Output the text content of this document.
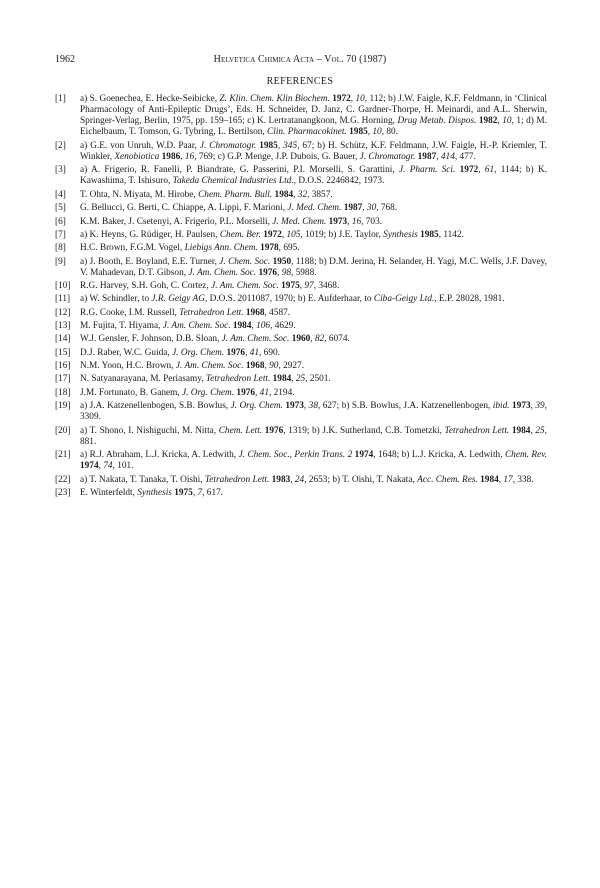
1962	Helvetica Chimica Acta – Vol. 70 (1987)
REFERENCES
[1] a) S. Goenechea, E. Hecke-Seibicke, Z. Klin. Chem. Klin Biochem. 1972, 10, 112; b) J.W. Faigle, K.F. Feldmann, in ‘Clinical Pharmacology of Anti-Epileptic Drugs’, Eds. H. Schneider, D. Janz, C. Gardner-Thorpe, H. Meinardi, and A.L. Sherwin, Springer-Verlag, Berlin, 1975, pp. 159–165; c) K. Lertratanangkoon, M.G. Horning, Drug Metab. Dispos. 1982, 10, 1; d) M. Eichelbaum, T. Tomson, G. Tybring, L. Bertilson, Clin. Pharmacokinet. 1985, 10, 80.
[2] a) G.E. von Unruh, W.D. Paar, J. Chromatogr. 1985, 345, 67; b) H. Schütz, K.F. Feldmann, J.W. Faigle, H.-P. Kriemler, T. Winkler, Xenobiotica 1986, 16, 769; c) G.P. Menge, J.P. Dubois, G. Bauer, J. Chromatogr. 1987, 414, 477.
[3] a) A. Frigerio, R. Fanelli, P. Biandrate, G. Passerini, P.I. Morselli, S. Garattini, J. Pharm. Sci. 1972, 61, 1144; b) K. Kawashima, T. Ishisuro, Takeda Chemical Industries Ltd., D.O.S. 2246842, 1973.
[4] T. Ohta, N. Miyata, M. Hirobe, Chem. Pharm. Bull. 1984, 32, 3857.
[5] G. Bellucci, G. Berti, C. Chiappe, A. Lippi, F. Marioni, J. Med. Chem. 1987, 30, 768.
[6] K.M. Baker, J. Csetenyi, A. Frigerio, P.L. Morselli, J. Med. Chem. 1973, 16, 703.
[7] a) K. Heyns, G. Rüdiger, H. Paulsen, Chem. Ber. 1972, 105, 1019; b) J.E. Taylor, Synthesis 1985, 1142.
[8] H.C. Brown, F.G.M. Vogel, Liebigs Ann. Chem. 1978, 695.
[9] a) J. Booth, E. Boyland, E.E. Turner, J. Chem. Soc. 1950, 1188; b) D.M. Jerina, H. Selander, H. Yagi, M.C. Wells, J.F. Davey, V. Mahadevan, D.T. Gibson, J. Am. Chem. Soc. 1976, 98, 5988.
[10] R.G. Harvey, S.H. Goh, C. Cortez, J. Am. Chem. Soc. 1975, 97, 3468.
[11] a) W. Schindler, to J.R. Geigy AG, D.O.S. 2011087, 1970; b) E. Aufderhaar, to Ciba-Geigy Ltd., E.P. 28028, 1981.
[12] R.G. Cooke, I.M. Russell, Tetrahedron Lett. 1968, 4587.
[13] M. Fujita, T. Hiyama, J. Am. Chem. Soc. 1984, 106, 4629.
[14] W.J. Gensler, F. Johnson, D.B. Sloan, J. Am. Chem. Soc. 1960, 82, 6074.
[15] D.J. Raber, W.C. Guida, J. Org. Chem. 1976, 41, 690.
[16] N.M. Yoon, H.C. Brown, J. Am. Chem. Soc. 1968, 90, 2927.
[17] N. Satyanarayana, M. Periasamy, Tetrahedron Lett. 1984, 25, 2501.
[18] J.M. Fortunato, B. Ganem, J. Org. Chem. 1976, 41, 2194.
[19] a) J.A. Katzenellenbogen, S.B. Bowlus, J. Org. Chem. 1973, 38, 627; b) S.B. Bowlus, J.A. Katzenellenbogen, ibid. 1973, 39, 3309.
[20] a) T. Shono, I. Nishiguchi, M. Nitta, Chem. Lett. 1976, 1319; b) J.K. Sutherland, C.B. Tometzki, Tetrahedron Lett. 1984, 25, 881.
[21] a) R.J. Abraham, L.J. Kricka, A. Ledwith, J. Chem. Soc., Perkin Trans. 2 1974, 1648; b) L.J. Kricka, A. Ledwith, Chem. Rev. 1974, 74, 101.
[22] a) T. Nakata, T. Tanaka, T. Oishi, Tetrahedron Lett. 1983, 24, 2653; b) T. Oishi, T. Nakata, Acc. Chem. Res. 1984, 17, 338.
[23] E. Winterfeldt, Synthesis 1975, 7, 617.
